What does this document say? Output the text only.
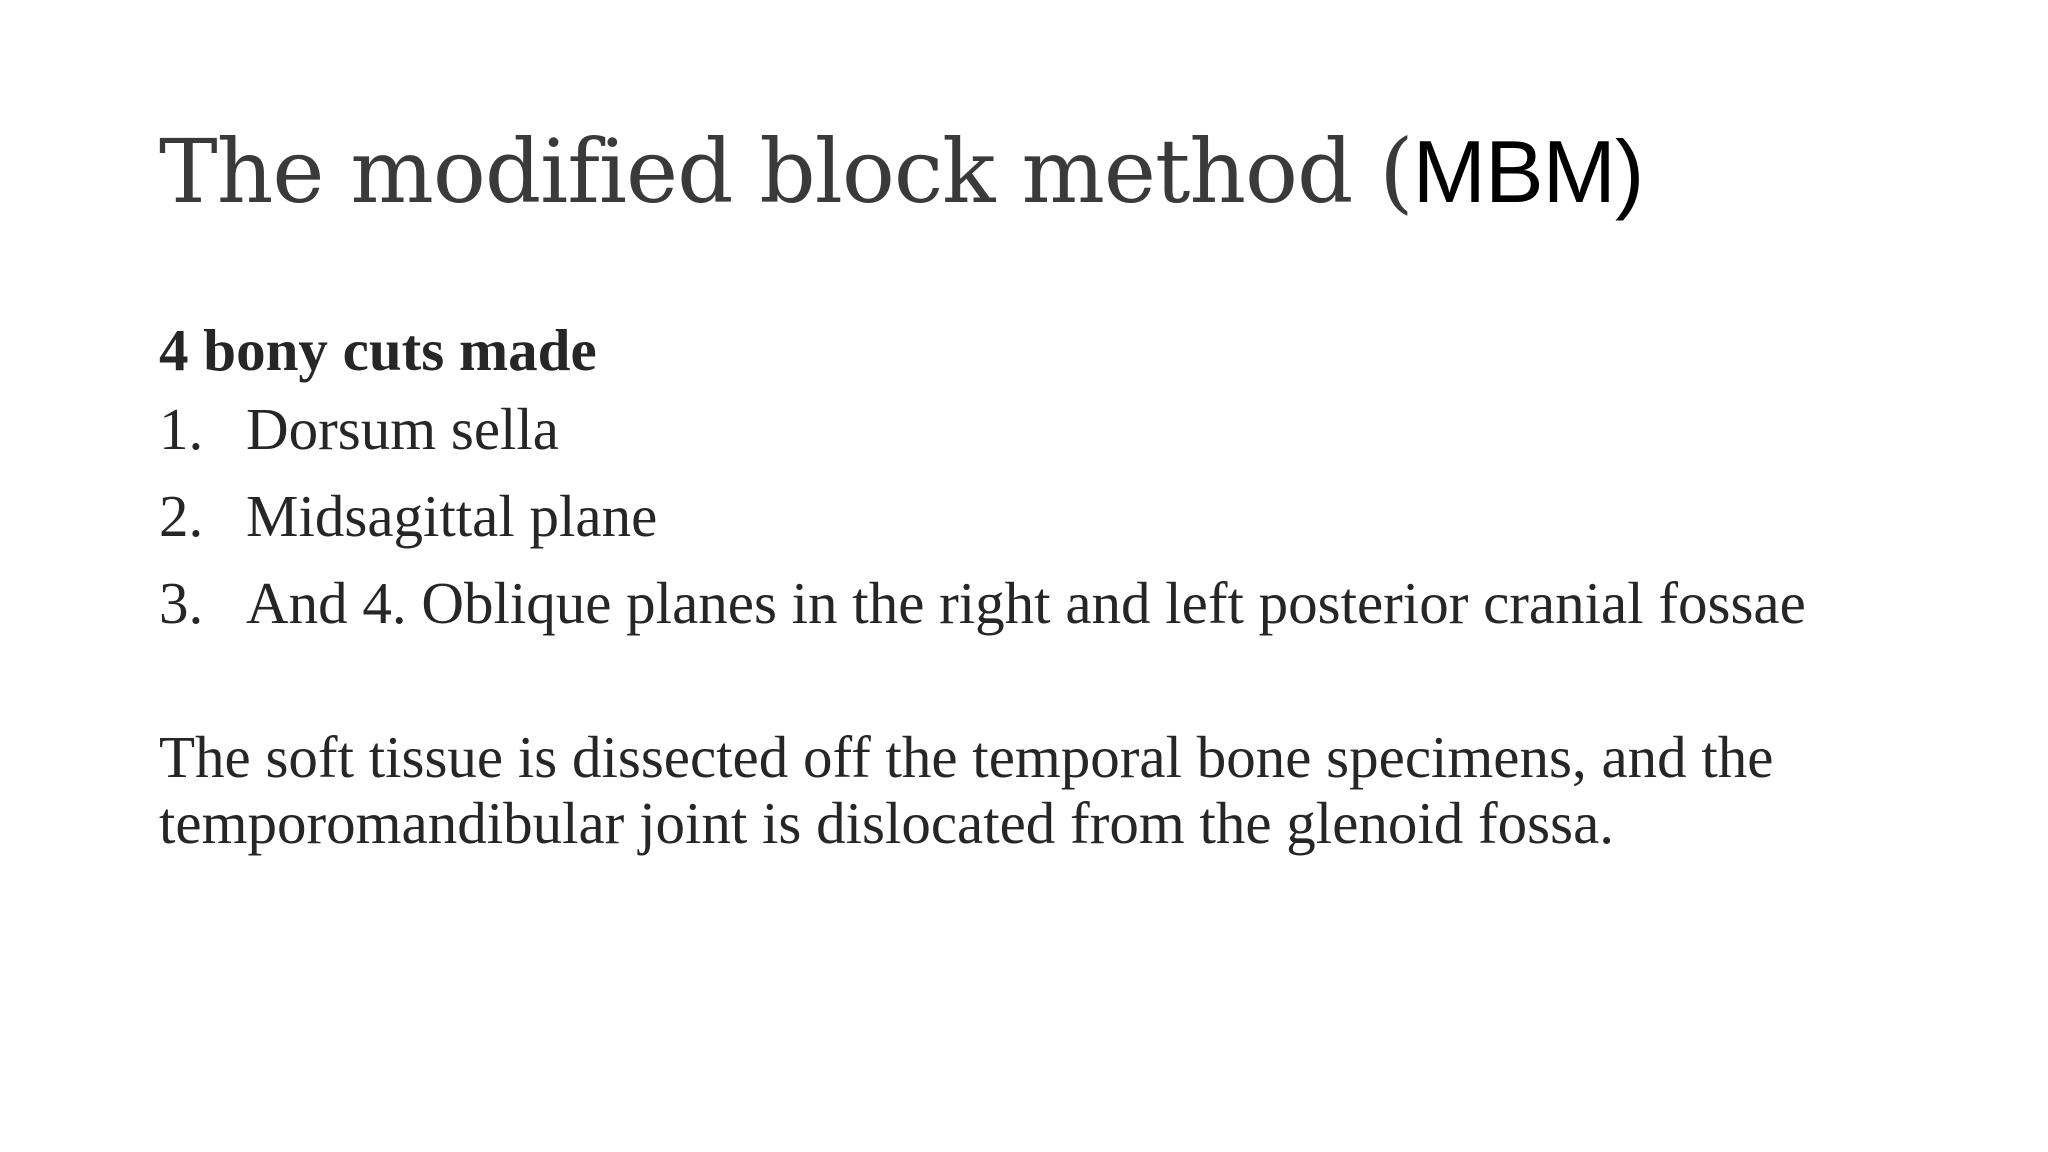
The modified block method (MBM)

4 bony cuts made

1. Dorsum sella
2. Midsagittal plane
3. And 4. Oblique planes in the right and left posterior cranial fossae

The soft tissue is dissected off the temporal bone specimens, and the temporomandibular joint is dislocated from the glenoid fossa.
